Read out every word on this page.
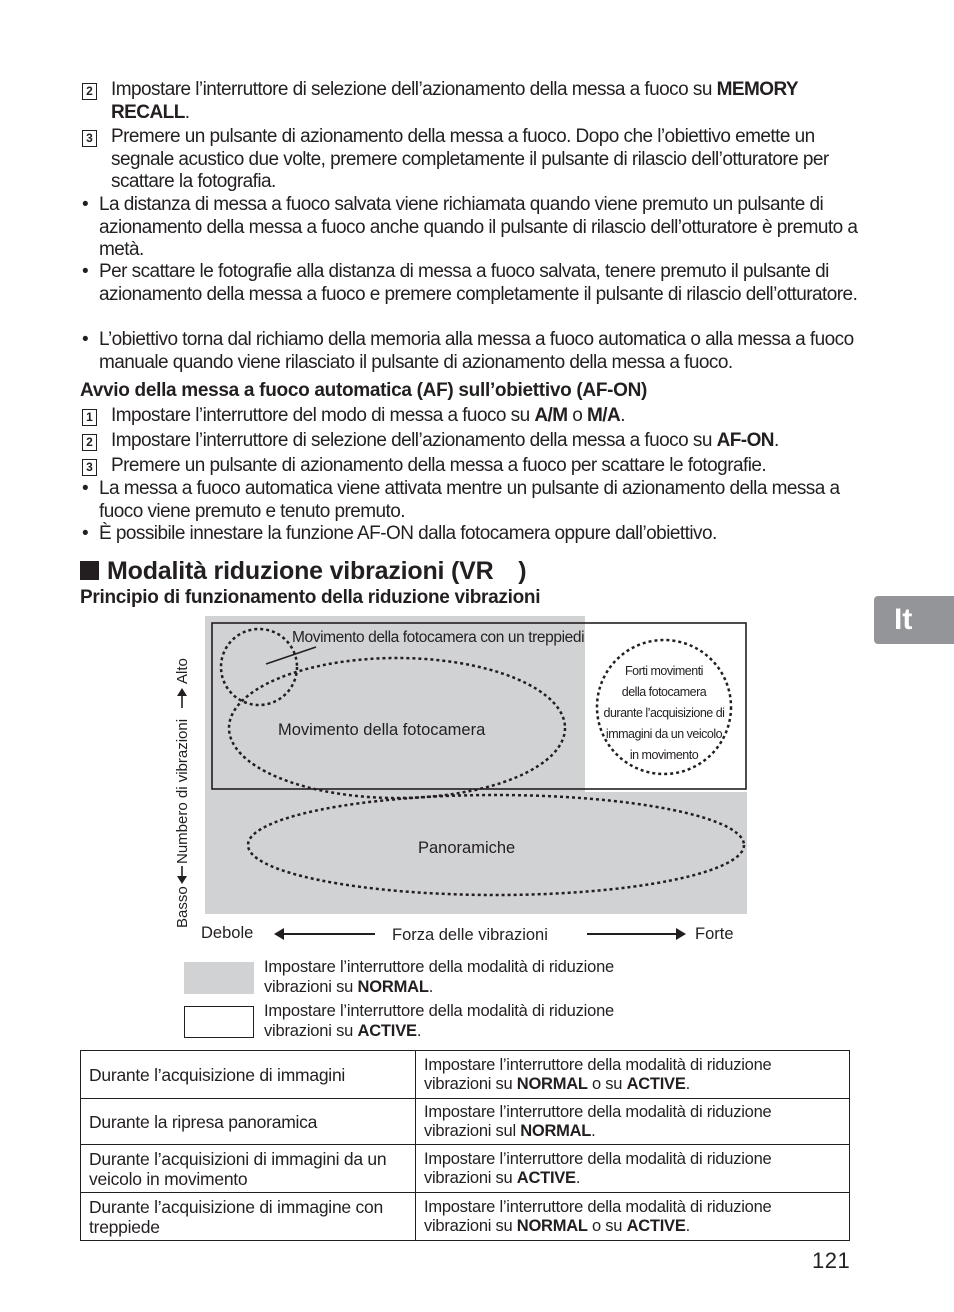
2 Impostare l’interruttore di selezione dell’azionamento della messa a fuoco su MEMORY RECALL.
3 Premere un pulsante di azionamento della messa a fuoco. Dopo che l’obiettivo emette un segnale acustico due volte, premere completamente il pulsante di rilascio dell’otturatore per scattare la fotografia.
• La distanza di messa a fuoco salvata viene richiamata quando viene premuto un pulsante di azionamento della messa a fuoco anche quando il pulsante di rilascio dell’otturatore è premuto a metà.
• Per scattare le fotografie alla distanza di messa a fuoco salvata, tenere premuto il pulsante di azionamento della messa a fuoco e premere completamente il pulsante di rilascio dell’otturatore.
• L’obiettivo torna dal richiamo della memoria alla messa a fuoco automatica o alla messa a fuoco manuale quando viene rilasciato il pulsante di azionamento della messa a fuoco.
Avvio della messa a fuoco automatica (AF) sull’obiettivo (AF-ON)
1 Impostare l’interruttore del modo di messa a fuoco su A/M o M/A.
2 Impostare l’interruttore di selezione dell’azionamento della messa a fuoco su AF-ON.
3 Premere un pulsante di azionamento della messa a fuoco per scattare le fotografie.
• La messa a fuoco automatica viene attivata mentre un pulsante di azionamento della messa a fuoco viene premuto e tenuto premuto.
• È possibile innestare la funzione AF-ON dalla fotocamera oppure dall’obiettivo.
Modalità riduzione vibrazioni (VR )
Principio di funzionamento della riduzione vibrazioni
Movimento della fotocamera con un treppiedi
Movimento della fotocamera
Panoramiche
Forti movimenti
della fotocamera
durante l’acquisizione di
immagini da un veicolo
in movimento
Basso
Numbero di vibrazioni
Alto
Debole	Forza delle vibrazioni	Forte
Impostare l’interruttore della modalità di riduzione
vibrazioni su NORMAL.
Impostare l’interruttore della modalità di riduzione
vibrazioni su ACTIVE.
Durante l’acquisizione di immagini	Impostare l’interruttore della modalità di riduzione
vibrazioni su NORMAL o su ACTIVE.

Durante la ripresa panoramica	Impostare l’interruttore della modalità di riduzione
vibrazioni sul NORMAL.

Durante l’acquisizioni di immagini da un veicolo in movimento	Impostare l’interruttore della modalità di riduzione
vibrazioni su ACTIVE.

Durante l’acquisizione di immagine con treppiede	Impostare l’interruttore della modalità di riduzione
vibrazioni su NORMAL o su ACTIVE.
It
121
